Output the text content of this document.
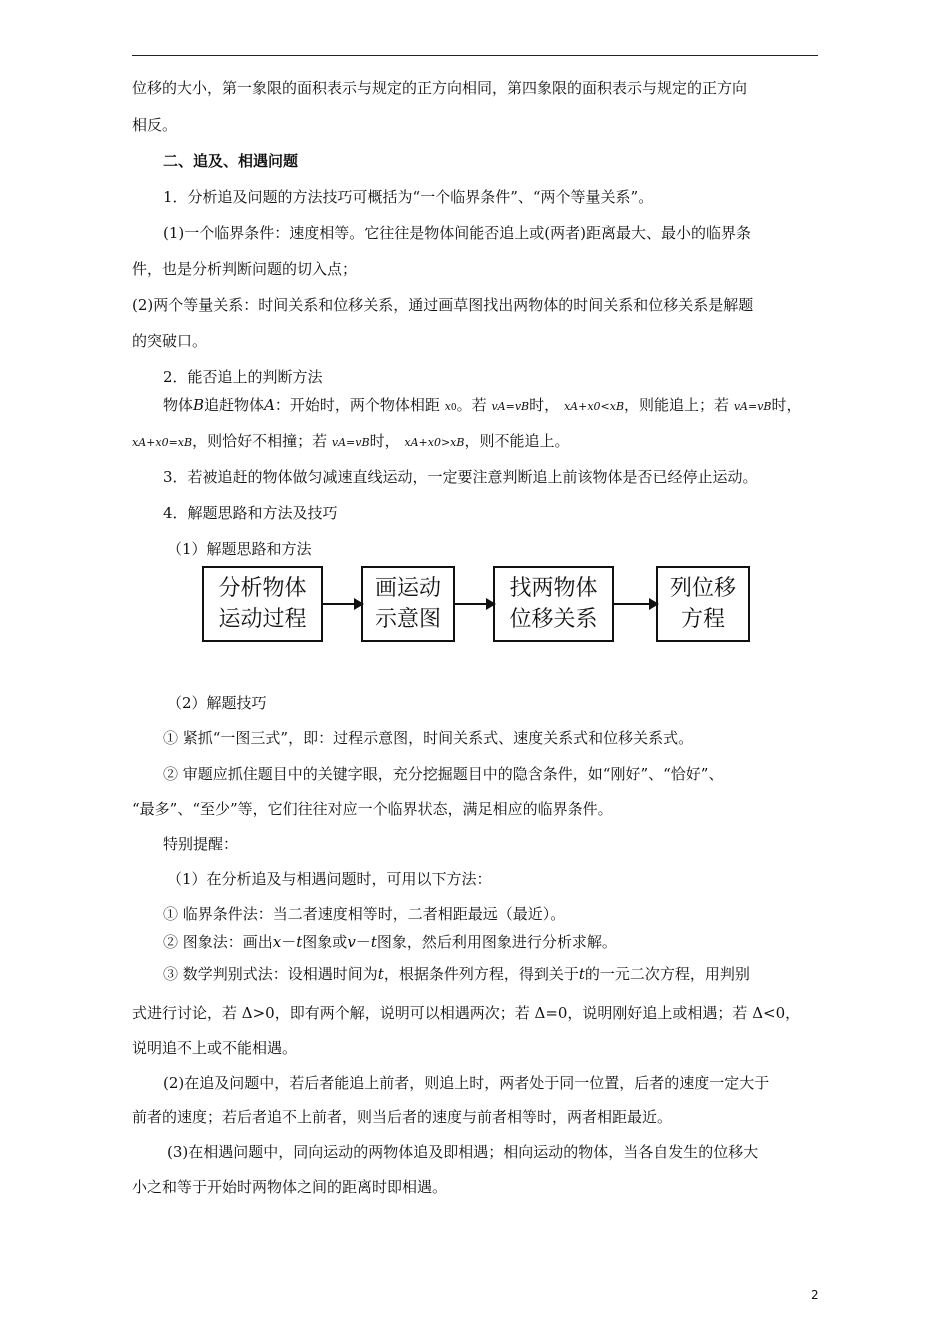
位移的大小，第一象限的面积表示与规定的正方向相同，第四象限的面积表示与规定的正方向
相反。
二、追及、相遇问题
1．分析追及问题的方法技巧可概括为“一个临界条件”、“两个等量关系”。
(1)一个临界条件：速度相等。它往往是物体间能否追上或(两者)距离最大、最小的临界条
件，也是分析判断问题的切入点；
(2)两个等量关系：时间关系和位移关系，通过画草图找出两物体的时间关系和位移关系是解题
的突破口。
2．能否追上的判断方法
物体B追赶物体A：开始时，两个物体相距 x0。若 vA=vB时， xA+x0<xB，则能追上；若 vA=vB时，
xA+x0=xB，则恰好不相撞；若 vA=vB时， xA+x0>xB，则不能追上。
3．若被追赶的物体做匀减速直线运动，一定要注意判断追上前该物体是否已经停止运动。
4．解题思路和方法及技巧
（1）解题思路和方法
分析物体
运动过程
画运动
示意图
找两物体
位移关系
列位移
方程
（2）解题技巧
① 紧抓“一图三式”，即：过程示意图，时间关系式、速度关系式和位移关系式。
② 审题应抓住题目中的关键字眼，充分挖掘题目中的隐含条件，如“刚好”、“恰好”、
“最多”、“至少”等，它们往往对应一个临界状态，满足相应的临界条件。
特别提醒：
（1）在分析追及与相遇问题时，可用以下方法：
① 临界条件法：当二者速度相等时，二者相距最远（最近）。
② 图象法：画出x－t图象或v－t图象，然后利用图象进行分析求解。
③ 数学判别式法：设相遇时间为t，根据条件列方程，得到关于t的一元二次方程，用判别
式进行讨论，若 Δ>0，即有两个解，说明可以相遇两次；若 Δ=0，说明刚好追上或相遇；若 Δ<0，
说明追不上或不能相遇。
(2)在追及问题中，若后者能追上前者，则追上时，两者处于同一位置，后者的速度一定大于
前者的速度；若后者追不上前者，则当后者的速度与前者相等时，两者相距最近。
(3)在相遇问题中，同向运动的两物体追及即相遇；相向运动的物体，当各自发生的位移大
小之和等于开始时两物体之间的距离时即相遇。
2
